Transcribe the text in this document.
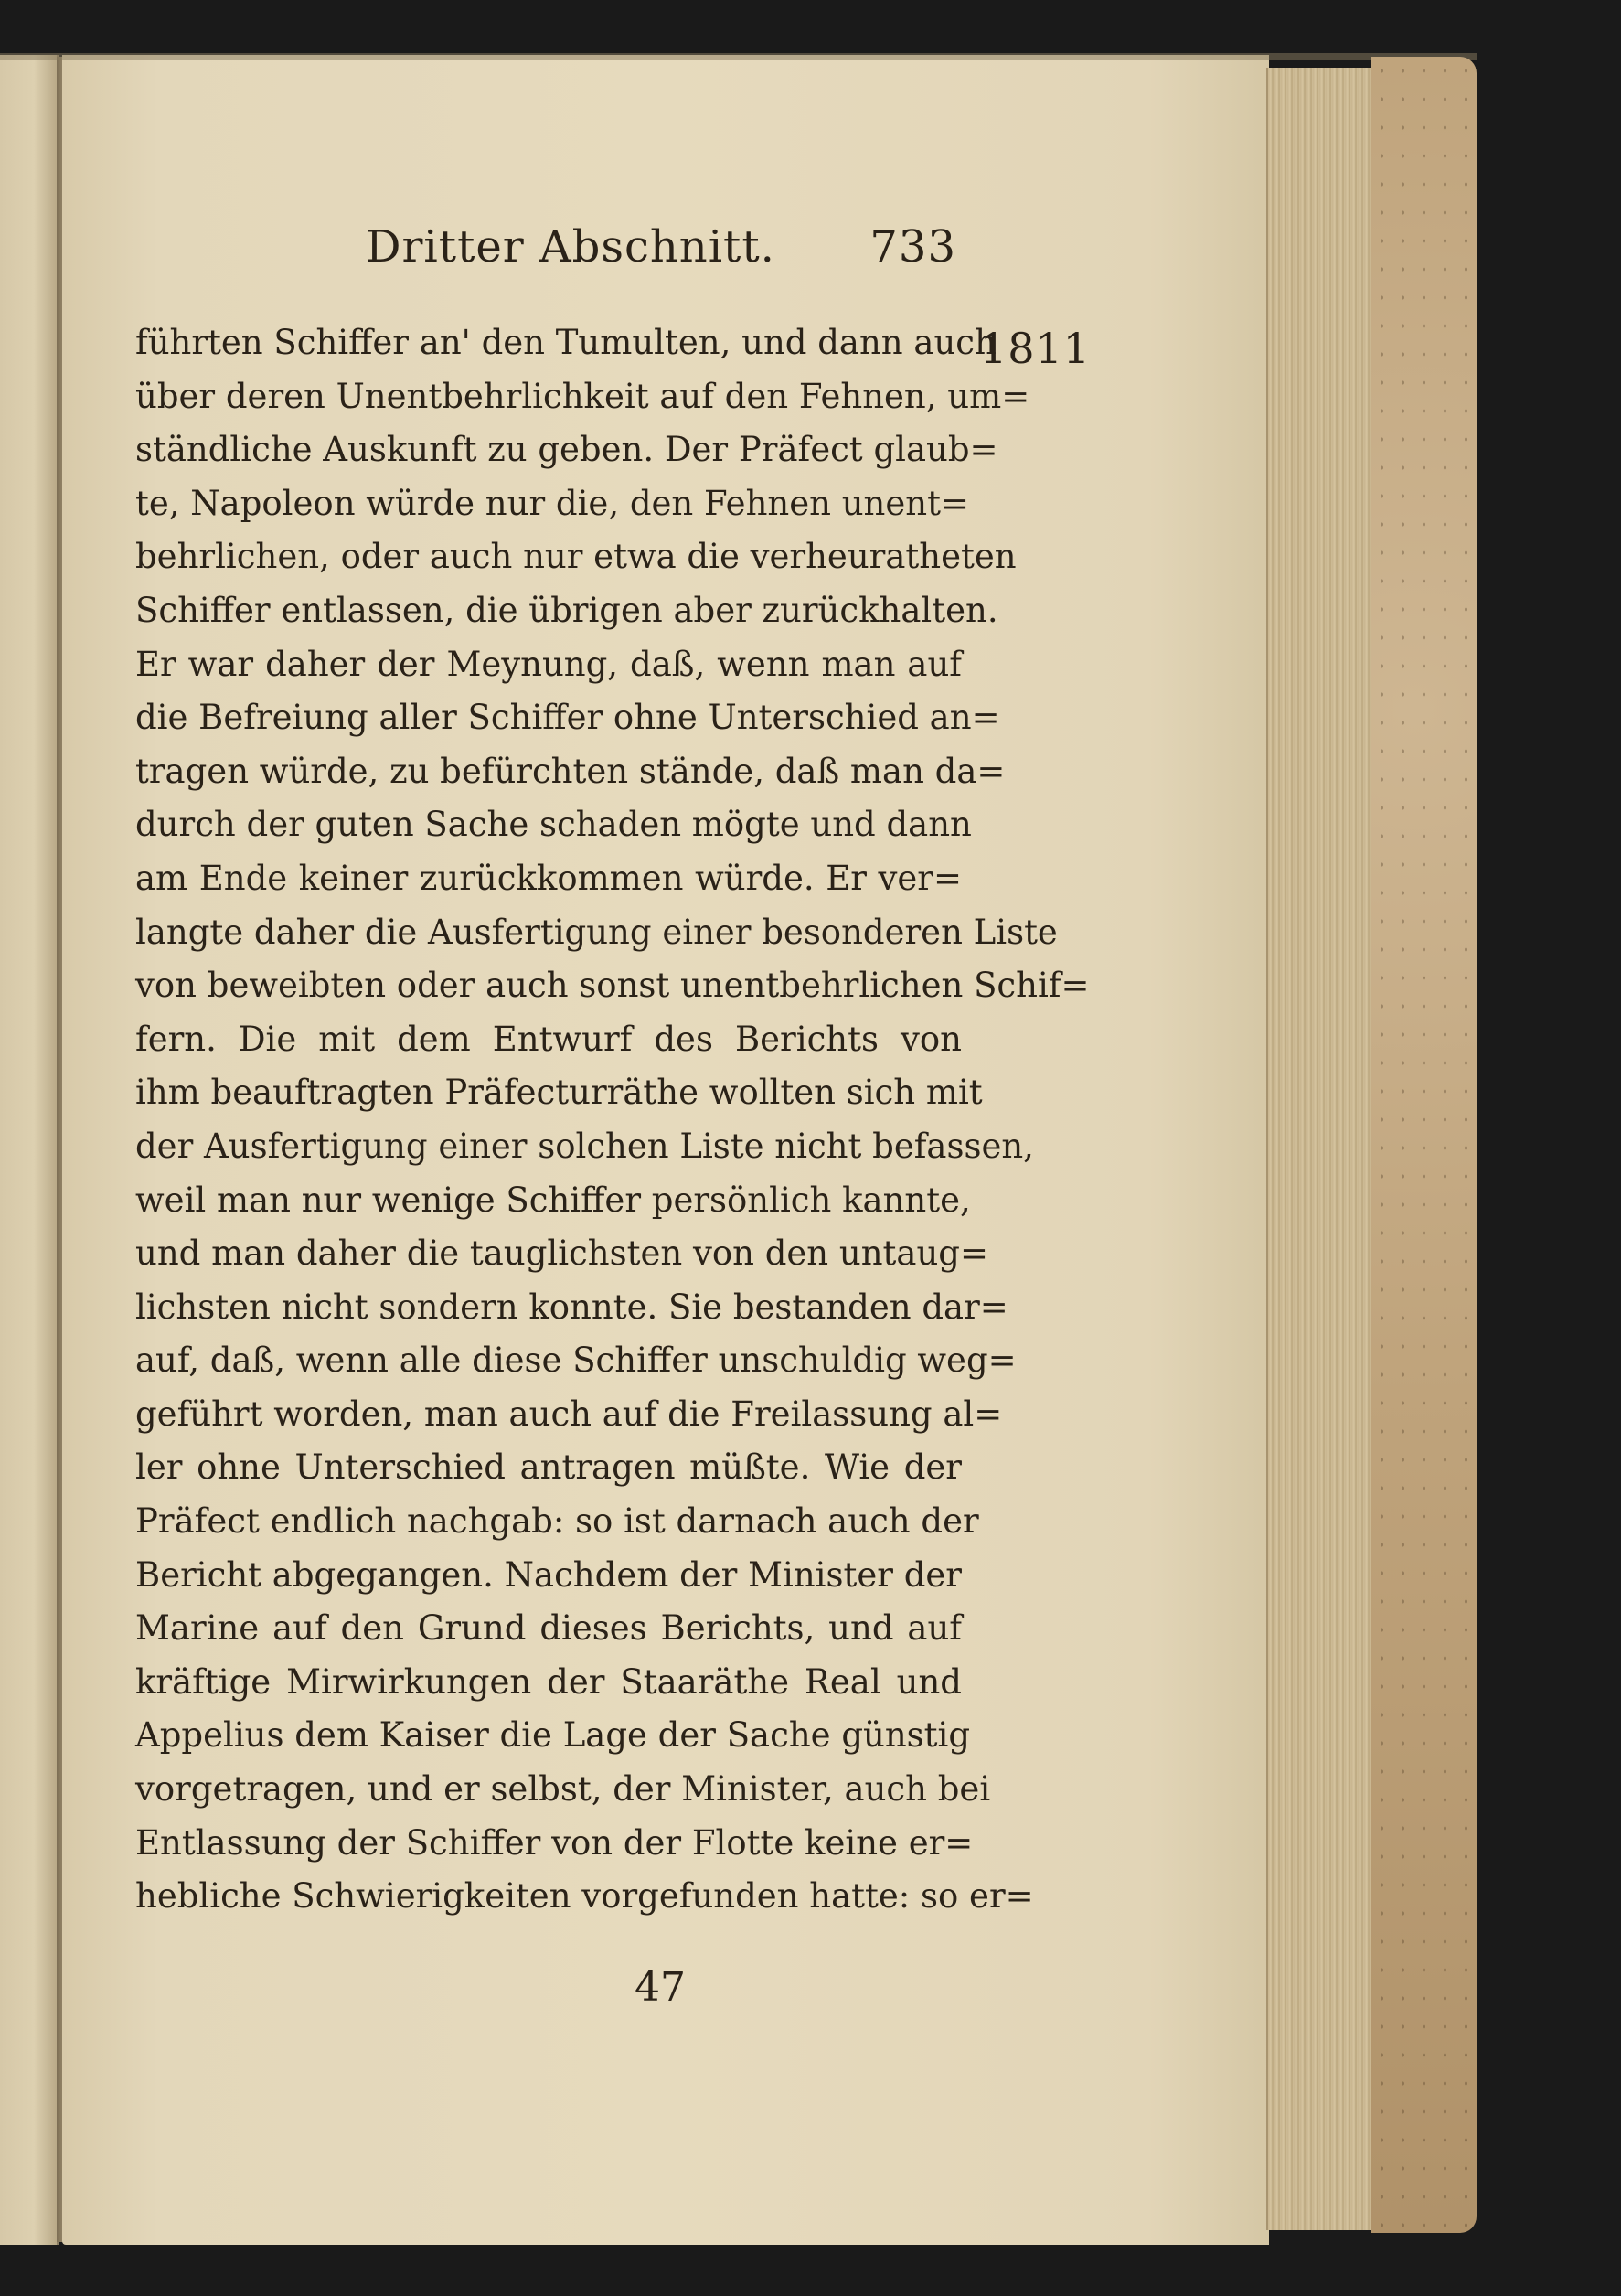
Dritter Abschnitt. 733
1811
führten Schiffer an' den Tumulten, und dann auch
über deren Unentbehrlichkeit auf den Fehnen, um=
ständliche Auskunft zu geben. Der Präfect glaub=
te, Napoleon würde nur die, den Fehnen unent=
behrlichen, oder auch nur etwa die verheuratheten
Schiffer entlassen, die übrigen aber zurückhalten.
Er war daher der Meynung, daß, wenn man auf
die Befreiung aller Schiffer ohne Unterschied an=
tragen würde, zu befürchten stände, daß man da=
durch der guten Sache schaden mögte und dann
am Ende keiner zurückkommen würde. Er ver=
langte daher die Ausfertigung einer besonderen Liste
von beweibten oder auch sonst unentbehrlichen Schif=
fern. Die mit dem Entwurf des Berichts von
ihm beauftragten Präfecturräthe wollten sich mit
der Ausfertigung einer solchen Liste nicht befassen,
weil man nur wenige Schiffer persönlich kannte,
und man daher die tauglichsten von den untaug=
lichsten nicht sondern konnte. Sie bestanden dar=
auf, daß, wenn alle diese Schiffer unschuldig weg=
geführt worden, man auch auf die Freilassung al=
ler ohne Unterschied antragen müßte. Wie der
Präfect endlich nachgab: so ist darnach auch der
Bericht abgegangen. Nachdem der Minister der
Marine auf den Grund dieses Berichts, und auf
kräftige Mirwirkungen der Staaräthe Real und
Appelius dem Kaiser die Lage der Sache günstig
vorgetragen, und er selbst, der Minister, auch bei
Entlassung der Schiffer von der Flotte keine er=
hebliche Schwierigkeiten vorgefunden hatte: so er=
47
